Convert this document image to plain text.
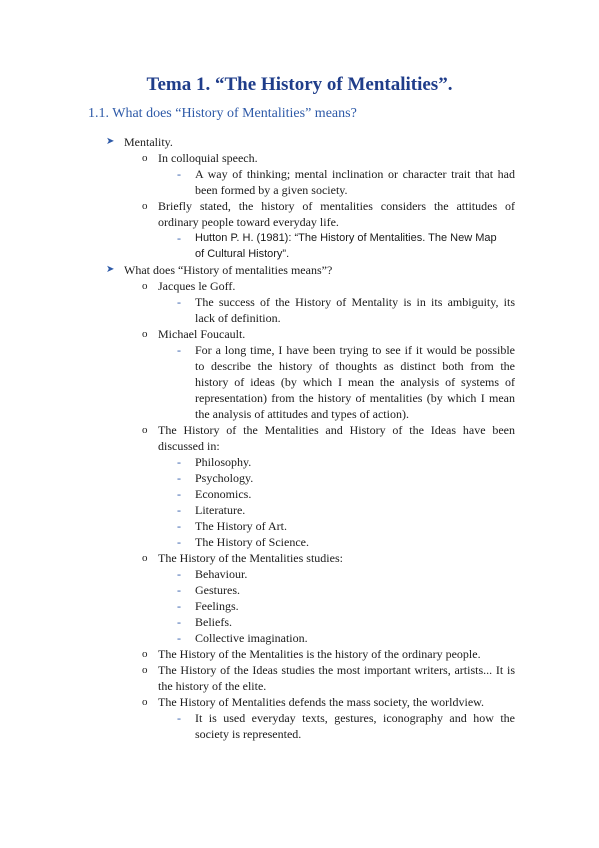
Tema 1. “The History of Mentalities”.
1.1. What does “History of Mentalities” means?
➤ Mentality.
o In colloquial speech.
- A way of thinking; mental inclination or character trait that had
been formed by a given society.
o Briefly stated, the history of mentalities considers the attitudes of
ordinary people toward everyday life.
- Hutton P. H. (1981): “The History of Mentalities. The New Map
of Cultural History”.
➤ What does “History of mentalities means”?
o Jacques le Goff.
- The success of the History of Mentality is in its ambiguity, its
lack of definition.
o Michael Foucault.
- For a long time, I have been trying to see if it would be possible
to describe the history of thoughts as distinct both from the
history of ideas (by which I mean the analysis of systems of
representation) from the history of mentalities (by which I mean
the analysis of attitudes and types of action).
o The History of the Mentalities and History of the Ideas have been
discussed in:
- Philosophy.
- Psychology.
- Economics.
- Literature.
- The History of Art.
- The History of Science.
o The History of the Mentalities studies:
- Behaviour.
- Gestures.
- Feelings.
- Beliefs.
- Collective imagination.
o The History of the Mentalities is the history of the ordinary people.
o The History of the Ideas studies the most important writers, artists... It is
the history of the elite.
o The History of Mentalities defends the mass society, the worldview.
- It is used everyday texts, gestures, iconography and how the
society is represented.
